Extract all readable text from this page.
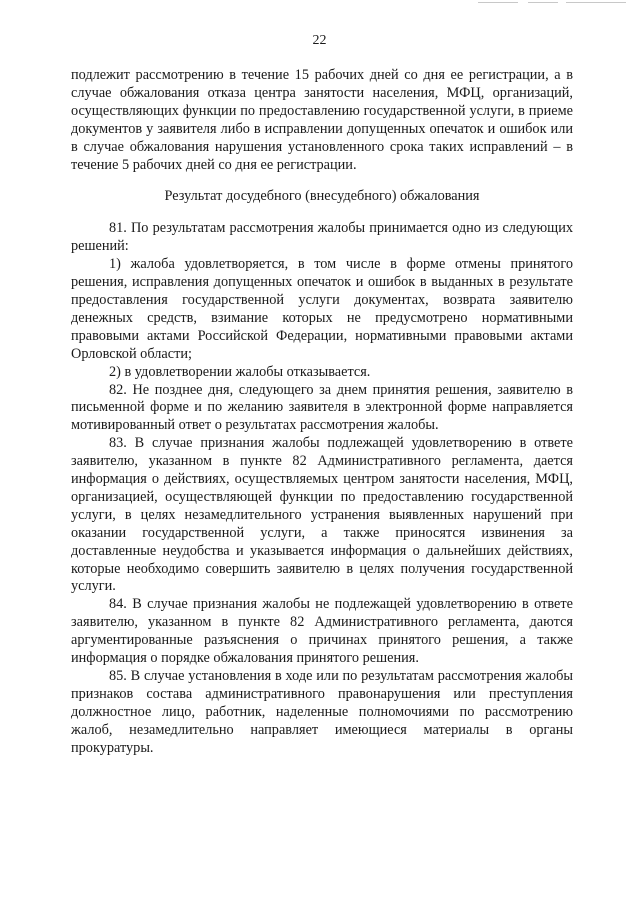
22

подлежит рассмотрению в течение 15 рабочих дней со дня ее регистрации, а в случае обжалования отказа центра занятости населения, МФЦ, организаций, осуществляющих функции по предоставлению государственной услуги, в приеме документов у заявителя либо в исправлении допущенных опечаток и ошибок или в случае обжалования нарушения установленного срока таких исправлений – в течение 5 рабочих дней со дня ее регистрации.

Результат досудебного (внесудебного) обжалования

81. По результатам рассмотрения жалобы принимается одно из следующих решений:

1) жалоба удовлетворяется, в том числе в форме отмены принятого решения, исправления допущенных опечаток и ошибок в выданных в результате предоставления государственной услуги документах, возврата заявителю денежных средств, взимание которых не предусмотрено нормативными правовыми актами Российской Федерации, нормативными правовыми актами Орловской области;

2) в удовлетворении жалобы отказывается.

82. Не позднее дня, следующего за днем принятия решения, заявителю в письменной форме и по желанию заявителя в электронной форме направляется мотивированный ответ о результатах рассмотрения жалобы.

83. В случае признания жалобы подлежащей удовлетворению в ответе заявителю, указанном в пункте 82 Административного регламента, дается информация о действиях, осуществляемых центром занятости населения, МФЦ, организацией, осуществляющей функции по предоставлению государственной услуги, в целях незамедлительного устранения выявленных нарушений при оказании государственной услуги, а также приносятся извинения за доставленные неудобства и указывается информация о дальнейших действиях, которые необходимо совершить заявителю в целях получения государственной услуги.

84. В случае признания жалобы не подлежащей удовлетворению в ответе заявителю, указанном в пункте 82 Административного регламента, даются аргументированные разъяснения о причинах принятого решения, а также информация о порядке обжалования принятого решения.

85. В случае установления в ходе или по результатам рассмотрения жалобы признаков состава административного правонарушения или преступления должностное лицо, работник, наделенные полномочиями по рассмотрению жалоб, незамедлительно направляет имеющиеся материалы в органы прокуратуры.
